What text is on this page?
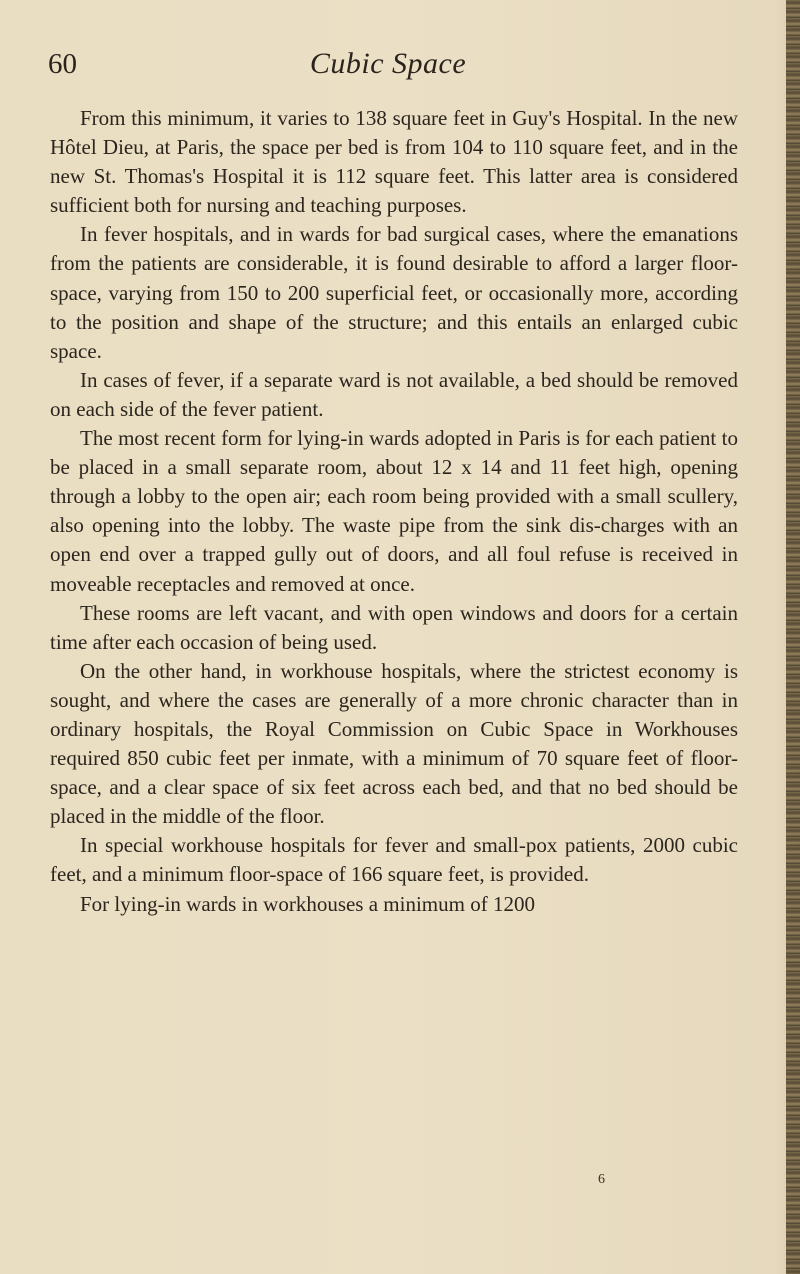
60	Cubic Space

From this minimum, it varies to 138 square feet in Guy's Hospital. In the new Hôtel Dieu, at Paris, the space per bed is from 104 to 110 square feet, and in the new St. Thomas's Hospital it is 112 square feet. This latter area is considered sufficient both for nursing and teaching purposes.

In fever hospitals, and in wards for bad surgical cases, where the emanations from the patients are considerable, it is found desirable to afford a larger floor-space, varying from 150 to 200 superficial feet, or occasionally more, according to the position and shape of the structure; and this entails an enlarged cubic space.

In cases of fever, if a separate ward is not available, a bed should be removed on each side of the fever patient.

The most recent form for lying-in wards adopted in Paris is for each patient to be placed in a small separate room, about 12 x 14 and 11 feet high, opening through a lobby to the open air; each room being provided with a small scullery, also opening into the lobby. The waste pipe from the sink dis-charges with an open end over a trapped gully out of doors, and all foul refuse is received in moveable receptacles and removed at once.

These rooms are left vacant, and with open windows and doors for a certain time after each occasion of being used.

On the other hand, in workhouse hospitals, where the strictest economy is sought, and where the cases are generally of a more chronic character than in ordinary hospitals, the Royal Commission on Cubic Space in Workhouses required 850 cubic feet per inmate, with a minimum of 70 square feet of floor-space, and a clear space of six feet across each bed, and that no bed should be placed in the middle of the floor.

In special workhouse hospitals for fever and small-pox patients, 2000 cubic feet, and a minimum floor-space of 166 square feet, is provided.

For lying-in wards in workhouses a minimum of 1200

6
